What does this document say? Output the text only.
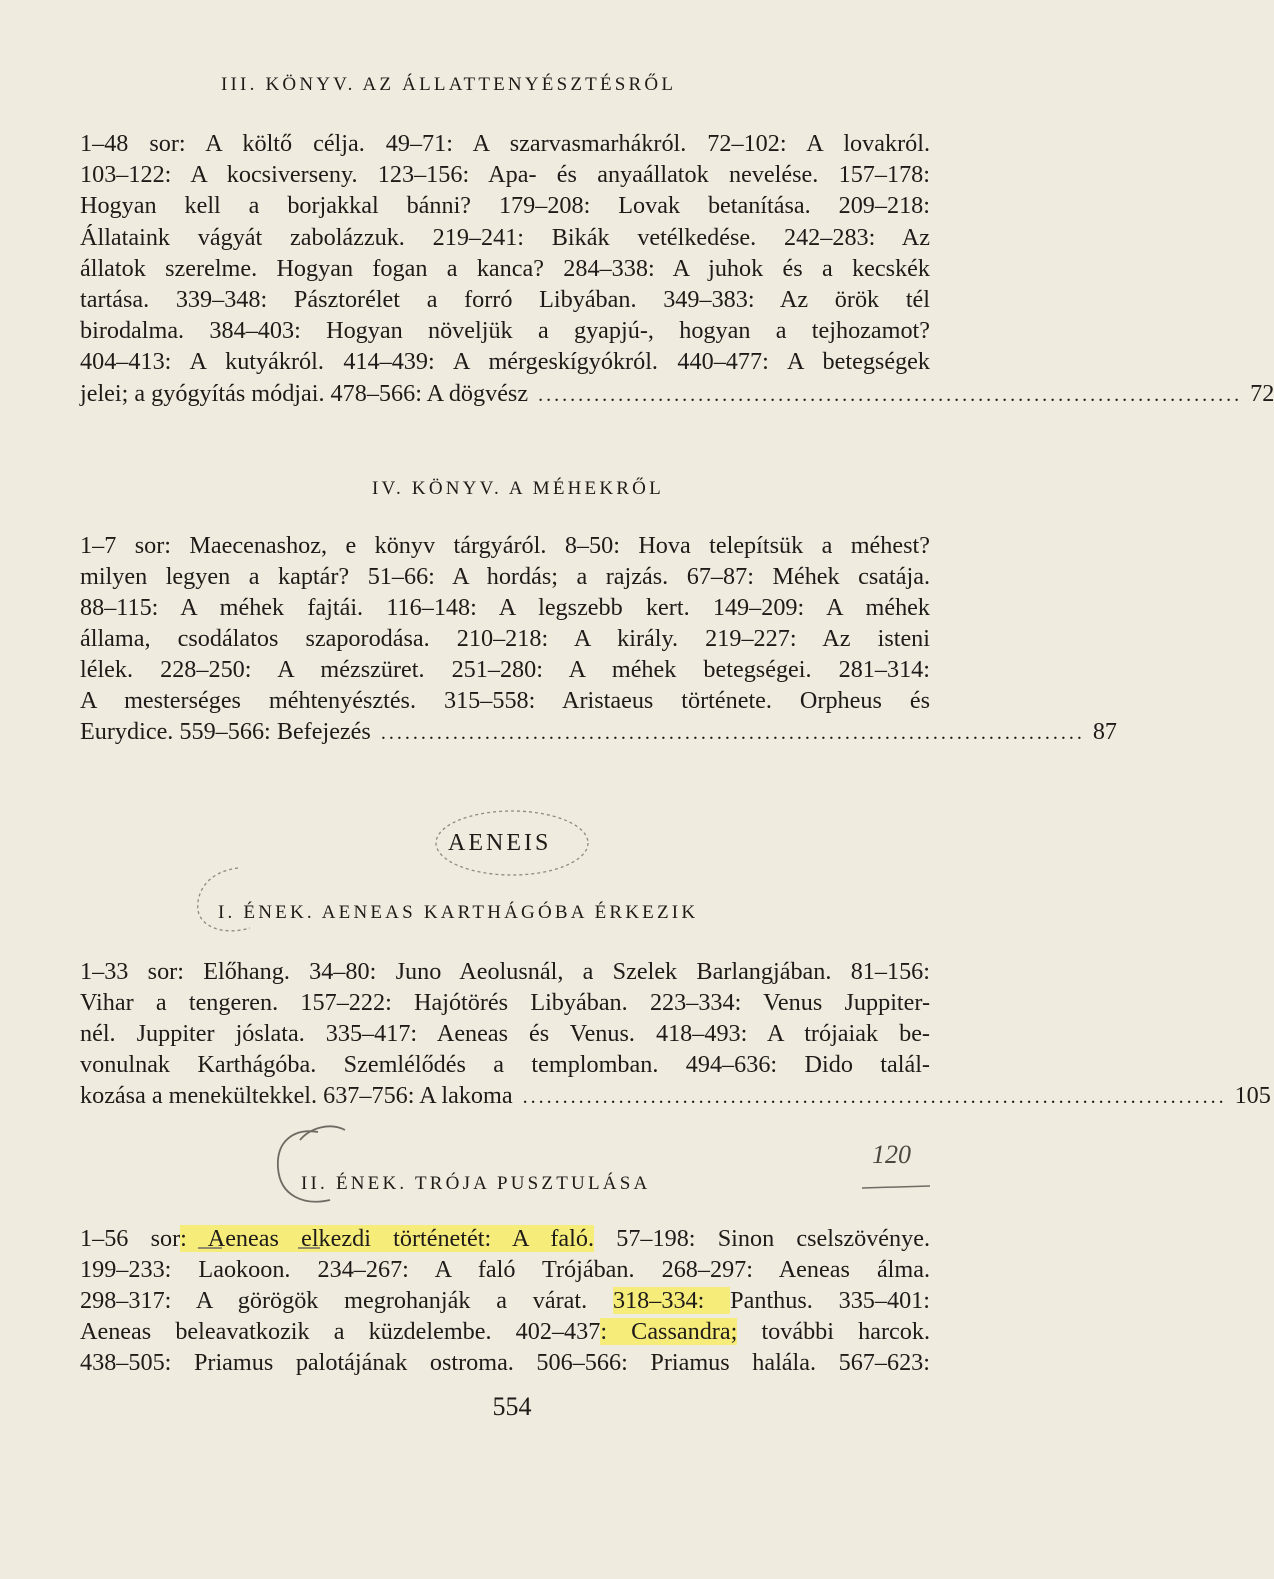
III. KÖNYV. AZ ÁLLATTENYÉSZTÉSRŐL
1–48 sor: A költő célja. 49–71: A szarvasmarhákról. 72–102: A lovakról.
103–122: A kocsiverseny. 123–156: Apa- és anyaállatok nevelése. 157–178:
Hogyan kell a borjakkal bánni? 179–208: Lovak betanítása. 209–218:
Állataink vágyát zabolázzuk. 219–241: Bikák vetélkedése. 242–283: Az
állatok szerelme. Hogyan fogan a kanca? 284–338: A juhok és a kecskék
tartása. 339–348: Pásztorélet a forró Libyában. 349–383: Az örök tél
birodalma. 384–403: Hogyan növeljük a gyapjú-, hogyan a tejhozamot?
404–413: A kutyákról. 414–439: A mérgeskígyókról. 440–477: A betegségek
jelei; a gyógyítás módjai. 478–566: A dögvész ........................................................................................ 72
IV. KÖNYV. A MÉHEKRŐL
1–7 sor: Maecenashoz, e könyv tárgyáról. 8–50: Hova telepítsük a méhest?
milyen legyen a kaptár? 51–66: A hordás; a rajzás. 67–87: Méhek csatája.
88–115: A méhek fajtái. 116–148: A legszebb kert. 149–209: A méhek
állama, csodálatos szaporodása. 210–218: A király. 219–227: Az isteni
lélek. 228–250: A mézszüret. 251–280: A méhek betegségei. 281–314:
A mesterséges méhtenyésztés. 315–558: Aristaeus története. Orpheus és
Eurydice. 559–566: Befejezés ........................................................................................ 87
AENEIS
I. ÉNEK. AENEAS KARTHÁGÓBA ÉRKEZIK
1–33 sor: Előhang. 34–80: Juno Aeolusnál, a Szelek Barlangjában. 81–156:
Vihar a tengeren. 157–222: Hajótörés Libyában. 223–334: Venus Juppiter-
nél. Juppiter jóslata. 335–417: Aeneas és Venus. 418–493: A trójaiak be-
vonulnak Karthágóba. Szemlélődés a templomban. 494–636: Dido talál-
kozása a menekültekkel. 637–756: A lakoma ........................................................................................ 105
II. ÉNEK. TRÓJA PUSZTULÁSA
120
1–56 sor: Aeneas elkezdi történetét: A faló. 57–198: Sinon cselszövénye.
199–233: Laokoon. 234–267: A faló Trójában. 268–297: Aeneas álma.
298–317: A görögök megrohanják a várat. 318–334: Panthus. 335–401:
Aeneas beleavatkozik a küzdelembe. 402–437: Cassandra; további harcok.
438–505: Priamus palotájának ostroma. 506–566: Priamus halála. 567–623:
554
